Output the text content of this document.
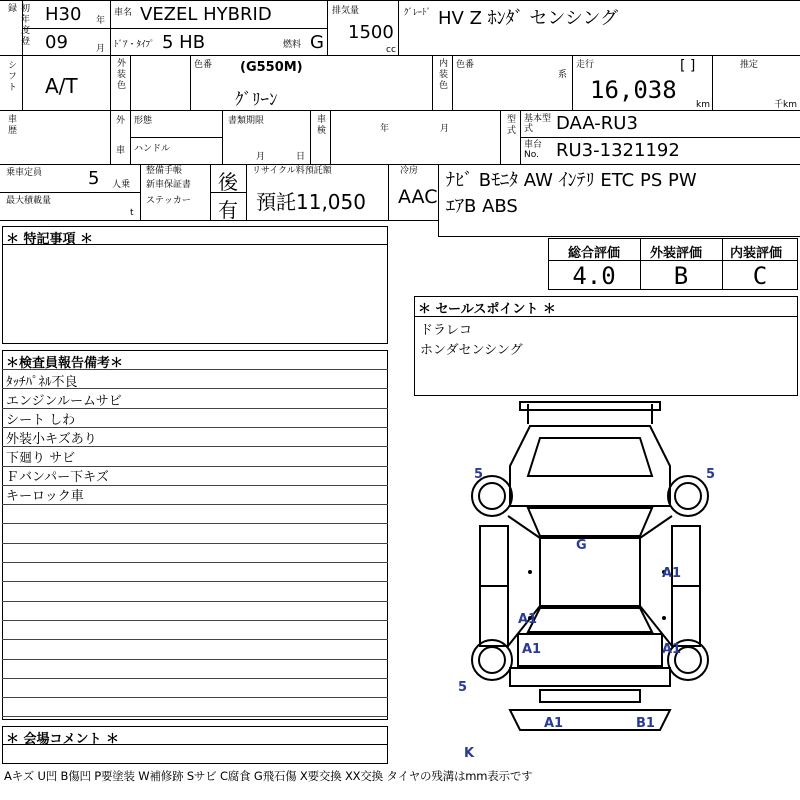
初年度登録	H30 年
09	月
車名 VEZEL HYBRID
ﾄﾞｱ・ﾀｲﾌﾟ 5 HB	燃料 G
排気量
1500
cc
ｸﾞﾚｰﾄﾞ HV Z ﾎﾝﾀﾞ センシング
シフト A/T	外装色	色番 (G550M)
ｸﾞﾘｰﾝ
内装色 色番
系
走行	[ ]
16,038
km
推定
千km
車歴	外 形態
車 ハンドル
書類期限
月	日
車検	年	月	型式 基本型式	DAA-RU3
車台No. RU3-1321192
乗車定員	5 人乗
最大積載量
t
整備手帳
新車保証書
ステッカー
後
有
リサイクル料預託額
預託11,050
冷房
AAC
ﾅﾋﾞ Bﾓﾆﾀ AW ｲﾝﾃﾘ ETC PS PW
ｴｱB ABS
＊ 特記事項 ＊
総合評価 外装評価 内装評価
4.0	B	C
＊ セールスポイント ＊
ドラレコ
ホンダセンシング
＊検査員報告備考＊
ﾀｯﾁﾊﾟﾈﾙ不良
エンジンルームサビ
シート しわ
外装小キズあり
下廻り サビ
Ｆバンパー下キズ
キーロック車
＊ 会場コメント ＊
5	5
5
G
A1
A1
A1	A1
A1	B1
K
Aキズ U凹 B傷凹 P要塗装 W補修跡 Sサビ C腐食 G飛石傷 X要交換 XX交換 タイヤの残溝はmm表示です
